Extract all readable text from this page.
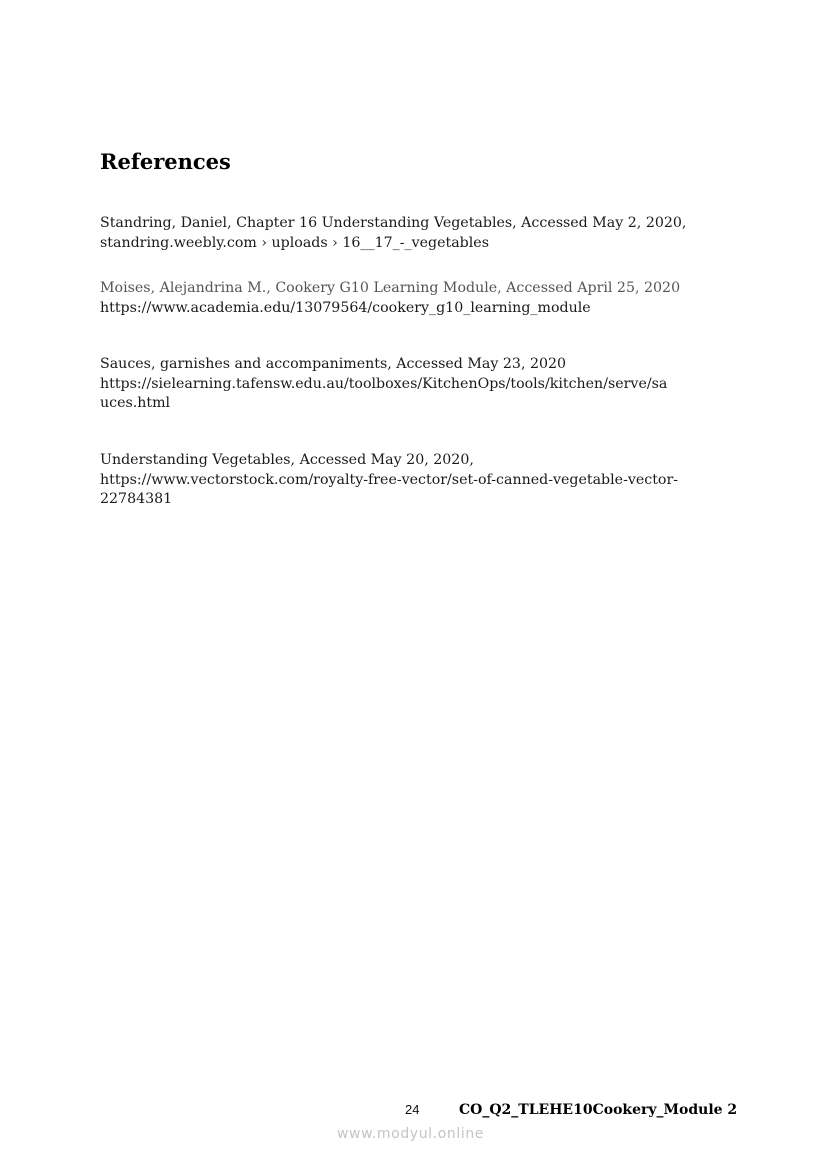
References
Standring, Daniel, Chapter 16 Understanding Vegetables, Accessed May 2, 2020,
standring.weebly.com › uploads › 16__17_-_vegetables
Moises, Alejandrina M., Cookery G10 Learning Module, Accessed April 25, 2020
https://www.academia.edu/13079564/cookery_g10_learning_module
Sauces, garnishes and accompaniments, Accessed May 23, 2020
https://sielearning.tafensw.edu.au/toolboxes/KitchenOps/tools/kitchen/serve/sa
uces.html
Understanding Vegetables, Accessed May 20, 2020,
https://www.vectorstock.com/royalty-free-vector/set-of-canned-vegetable-vector-
22784381
24	CO_Q2_TLEHE10Cookery_Module 2
www.modyul.online
